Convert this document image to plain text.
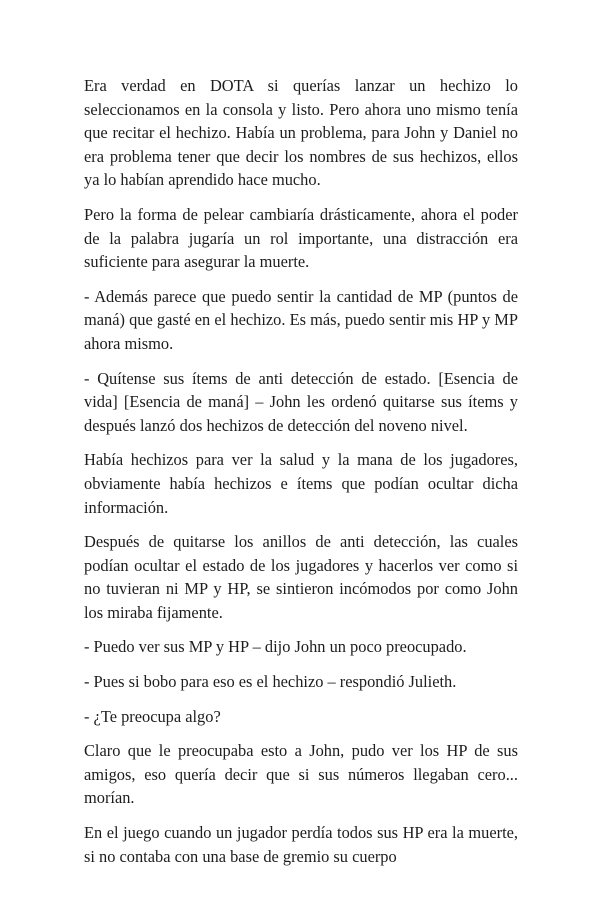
Era verdad en DOTA si querías lanzar un hechizo lo seleccionamos en la consola y listo. Pero ahora uno mismo tenía que recitar el hechizo. Había un problema, para John y Daniel no era problema tener que decir los nombres de sus hechizos, ellos ya lo habían aprendido hace mucho.

Pero la forma de pelear cambiaría drásticamente, ahora el poder de la palabra jugaría un rol importante, una distracción era suficiente para asegurar la muerte.

- Además parece que puedo sentir la cantidad de MP (puntos de maná) que gasté en el hechizo. Es más, puedo sentir mis HP y MP ahora mismo.

- Quítense sus ítems de anti detección de estado. [Esencia de vida] [Esencia de maná] – John les ordenó quitarse sus ítems y después lanzó dos hechizos de detección del noveno nivel.

Había hechizos para ver la salud y la mana de los jugadores, obviamente había hechizos e ítems que podían ocultar dicha información.

Después de quitarse los anillos de anti detección, las cuales podían ocultar el estado de los jugadores y hacerlos ver como si no tuvieran ni MP y HP, se sintieron incómodos por como John los miraba fijamente.

- Puedo ver sus MP y HP – dijo John un poco preocupado.

- Pues si bobo para eso es el hechizo – respondió Julieth.

- ¿Te preocupa algo?

Claro que le preocupaba esto a John, pudo ver los HP de sus amigos, eso quería decir que si sus números llegaban cero... morían.

En el juego cuando un jugador perdía todos sus HP era la muerte, si no contaba con una base de gremio su cuerpo
